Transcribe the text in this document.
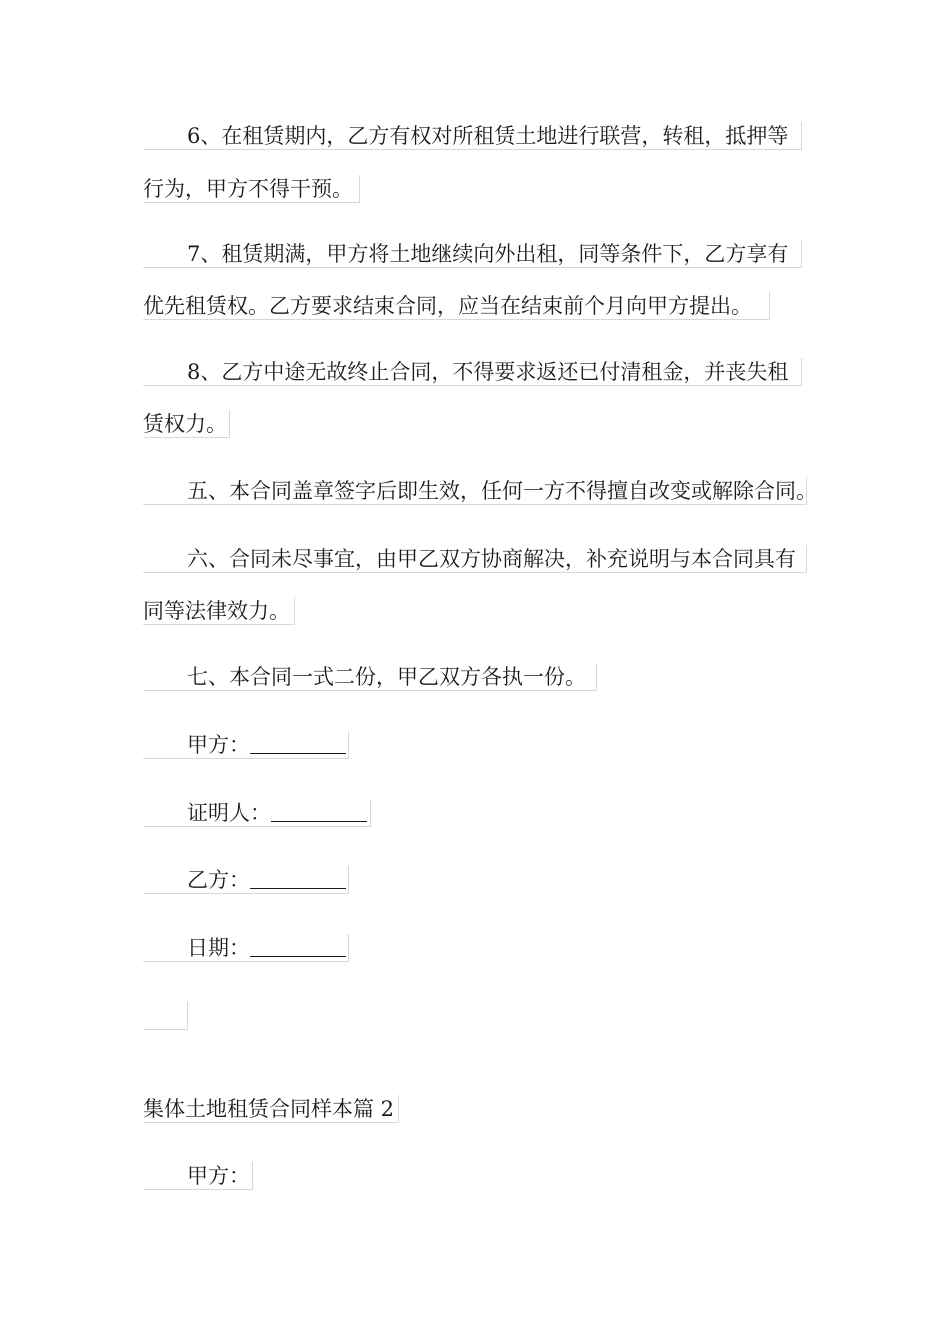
6、在租赁期内，乙方有权对所租赁土地进行联营，转租，抵押等
行为，甲方不得干预。
7、租赁期满，甲方将土地继续向外出租，同等条件下，乙方享有
优先租赁权。乙方要求结束合同，应当在结束前个月向甲方提出。
8、乙方中途无故终止合同，不得要求返还已付清租金，并丧失租
赁权力。
五、本合同盖章签字后即生效，任何一方不得擅自改变或解除合同。
六、合同未尽事宜，由甲乙双方协商解决，补充说明与本合同具有
同等法律效力。
七、本合同一式二份，甲乙双方各执一份。
甲方：
证明人：
乙方：
日期：
集体土地租赁合同样本篇 2
甲方：
